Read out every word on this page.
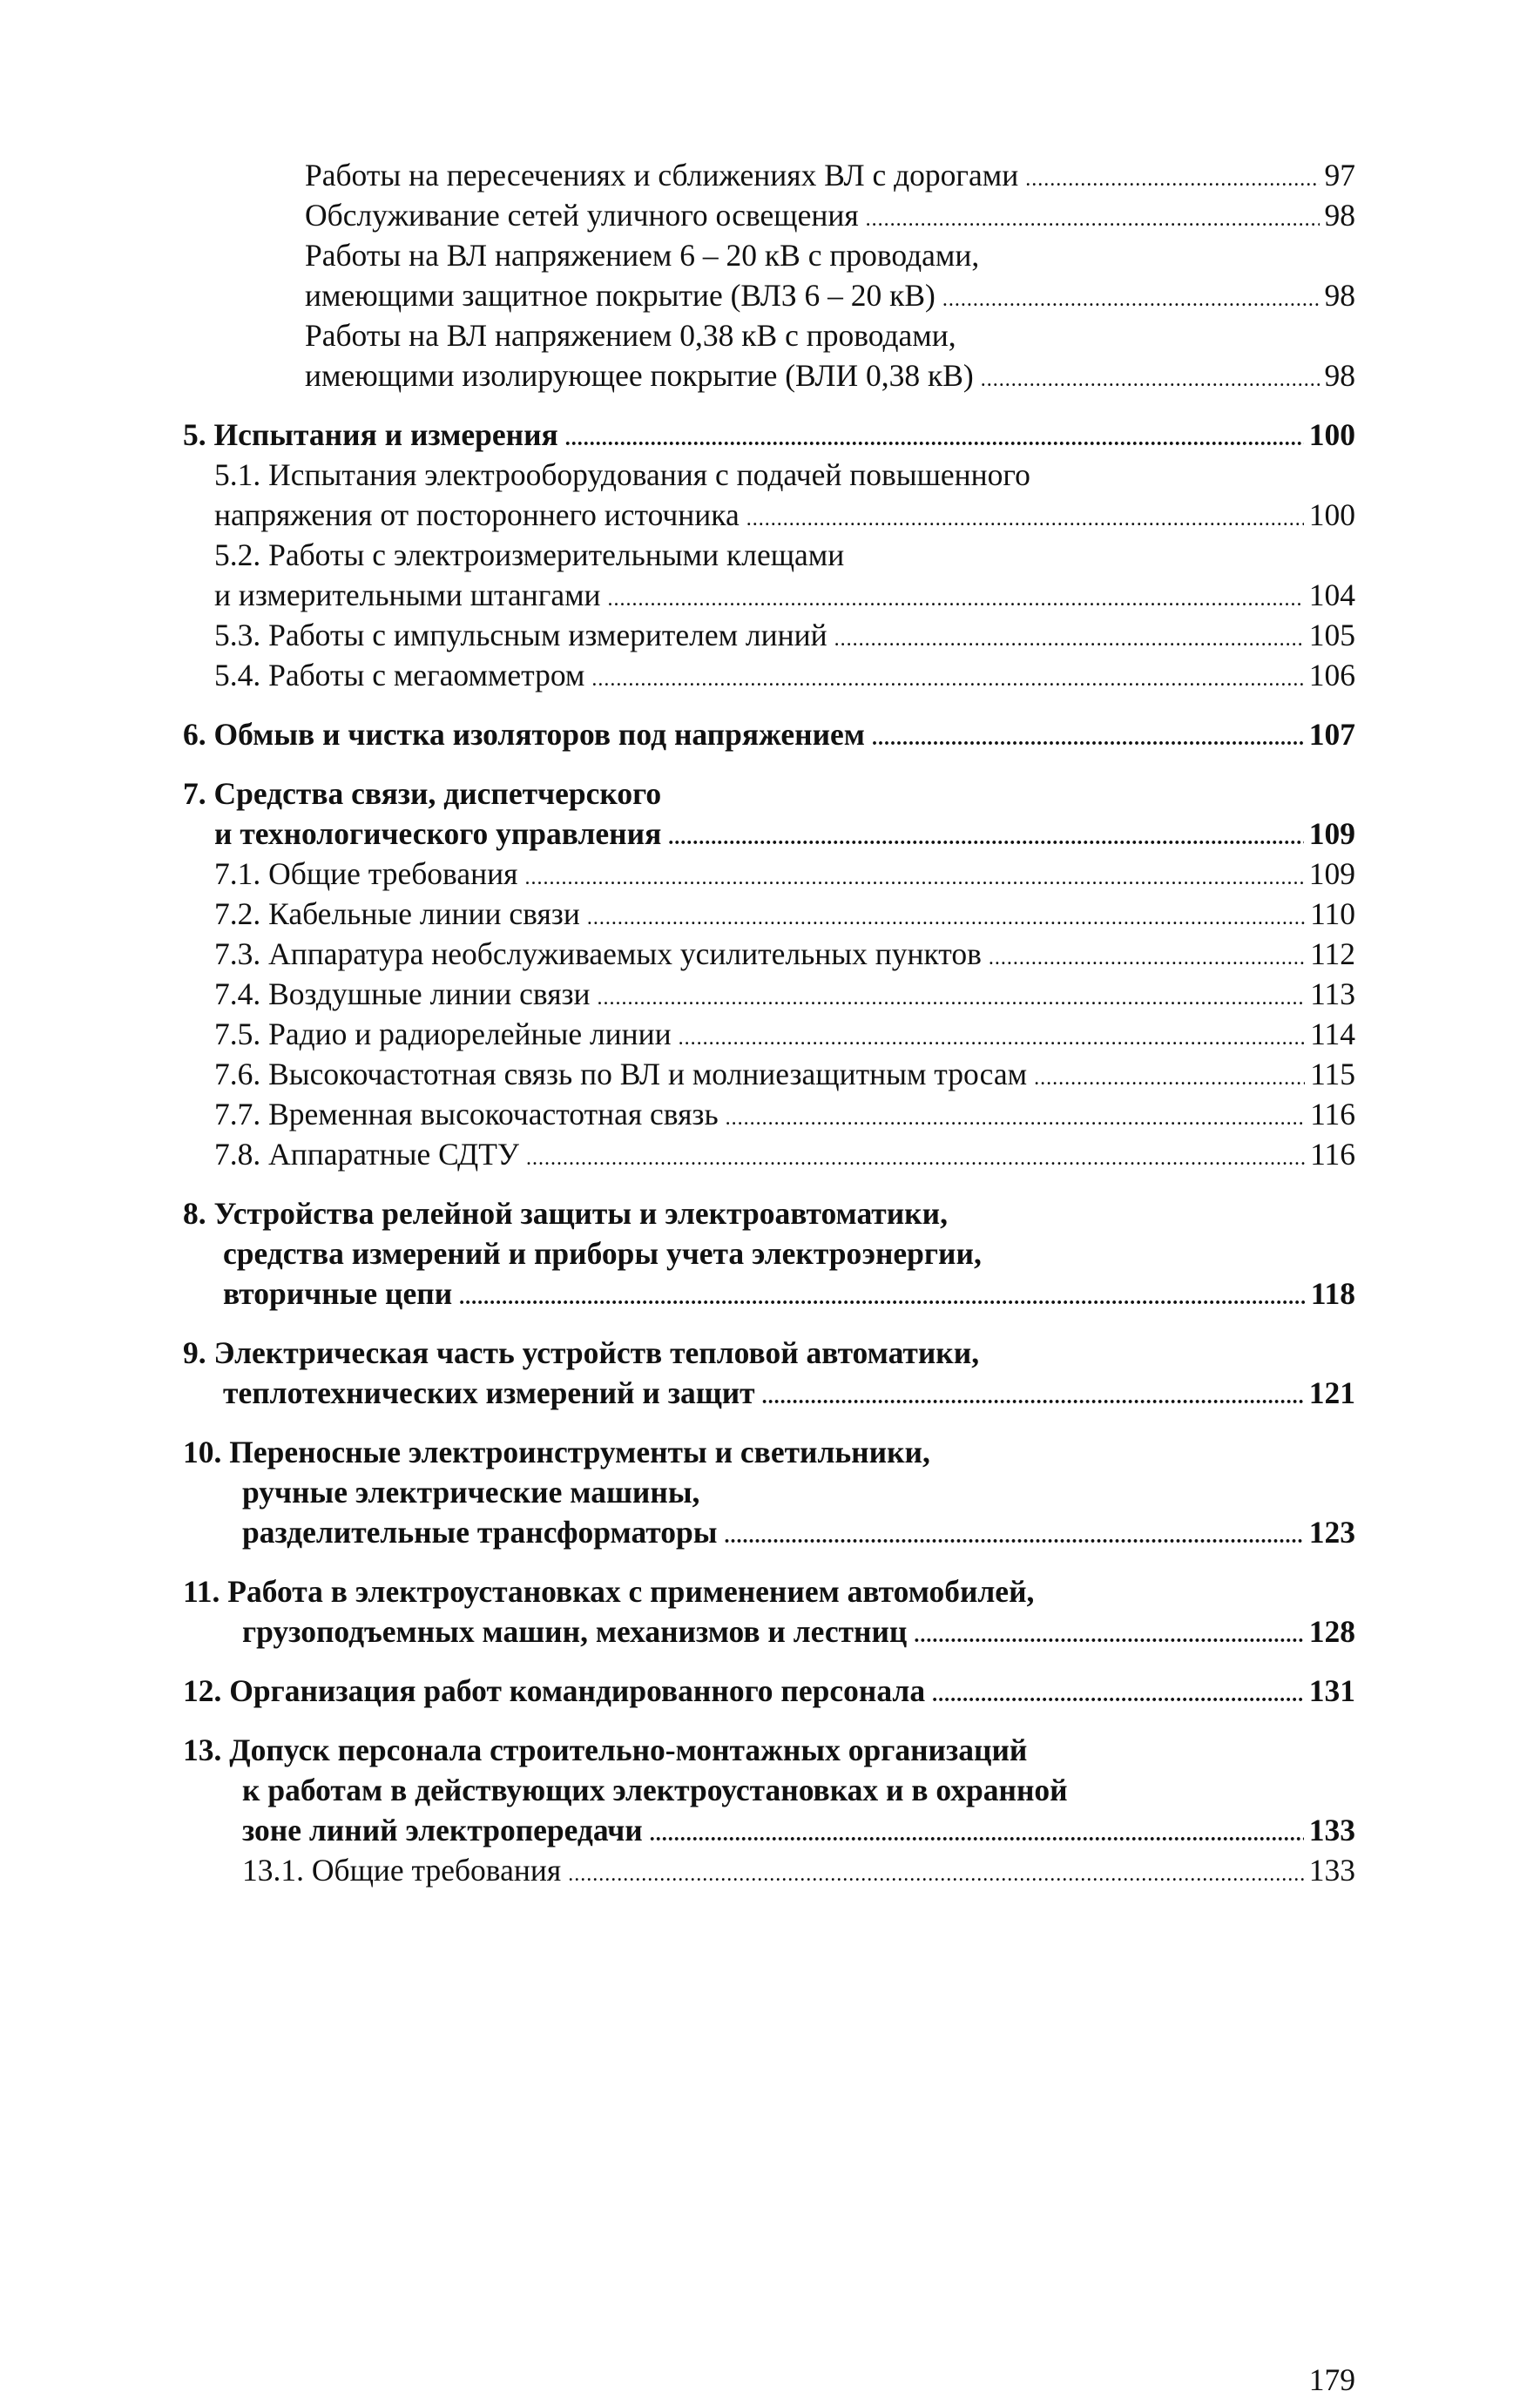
Работы на пересечениях и сближениях ВЛ с дорогами .....	97
Обслуживание сетей уличного освещения .....	98
Работы на ВЛ напряжением 6 – 20 кВ с проводами,
имеющими защитное покрытие (ВЛЗ 6 – 20 кВ) .....	98
Работы на ВЛ напряжением 0,38 кВ с проводами,
имеющими изолирующее покрытие (ВЛИ 0,38 кВ) .....	98
5. Испытания и измерения .....	100
5.1. Испытания электрооборудования с подачей повышенного
напряжения от постороннего источника .....	100
5.2. Работы с электроизмерительными клещами
и измерительными штангами .....	104
5.3. Работы с импульсным измерителем линий .....	105
5.4. Работы с мегаомметром .....	106
6. Обмыв и чистка изоляторов под напряжением .....	107
7. Средства связи, диспетчерского
и технологического управления .....	109
7.1. Общие требования .....	109
7.2. Кабельные линии связи .....	110
7.3. Аппаратура необслуживаемых усилительных пунктов .....	112
7.4. Воздушные линии связи .....	113
7.5. Радио и радиорелейные линии .....	114
7.6. Высокочастотная связь по ВЛ и молниезащитным тросам .....	115
7.7. Временная высокочастотная связь .....	116
7.8. Аппаратные СДТУ .....	116
8. Устройства релейной защиты и электроавтоматики,
средства измерений и приборы учета электроэнергии,
вторичные цепи .....	118
9. Электрическая часть устройств тепловой автоматики,
теплотехнических измерений и защит .....	121
10. Переносные электроинструменты и светильники,
ручные электрические машины,
разделительные трансформаторы .....	123
11. Работа в электроустановках с применением автомобилей,
грузоподъемных машин, механизмов и лестниц .....	128
12. Организация работ командированного персонала .....	131
13. Допуск персонала строительно-монтажных организаций
к работам в действующих электроустановках и в охранной
зоне линий электропередачи .....	133
13.1. Общие требования .....	133
179
